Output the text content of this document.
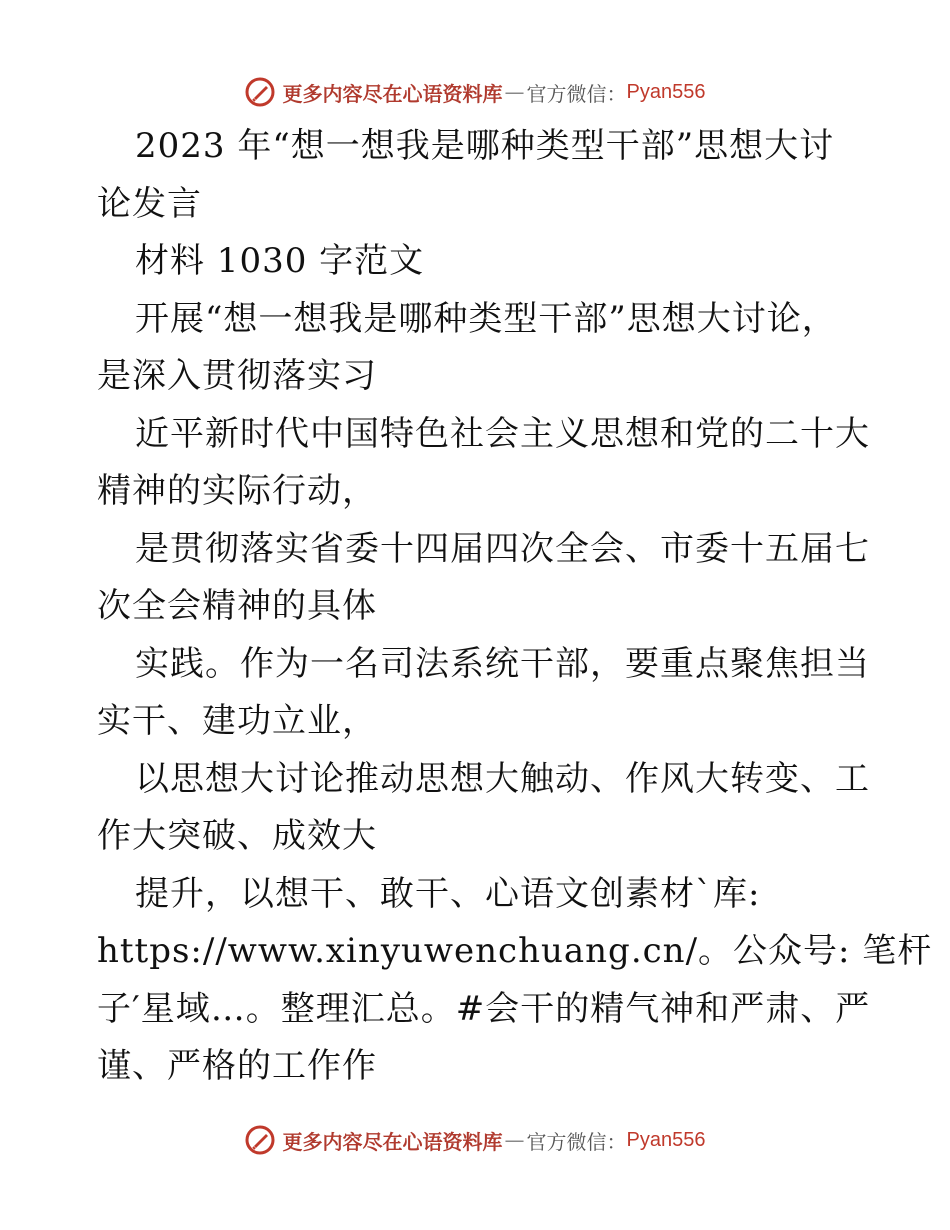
更多内容尽在心语资料库 — 官方微信： Pyan556
2023 年“想一想我是哪种类型干部”思想大讨
论发言
材料 1030 字范文
开展“想一想我是哪种类型干部”思想大讨论，
是深入贯彻落实习
近平新时代中国特色社会主义思想和党的二十大
精神的实际行动，
是贯彻落实省委十四届四次全会、市委十五届七
次全会精神的具体
实践。作为一名司法系统干部，要重点聚焦担当
实干、建功立业，
以思想大讨论推动思想大触动、作风大转变、工
作大突破、成效大
提升，以想干、敢干、心语文创素材`库:
https://www.xinyuwenchuang.cn/。公众号: 笔杆
子′星域…。整理汇总。#会干的精气神和严肃、严
谨、严格的工作作
更多内容尽在心语资料库 — 官方微信： Pyan556
